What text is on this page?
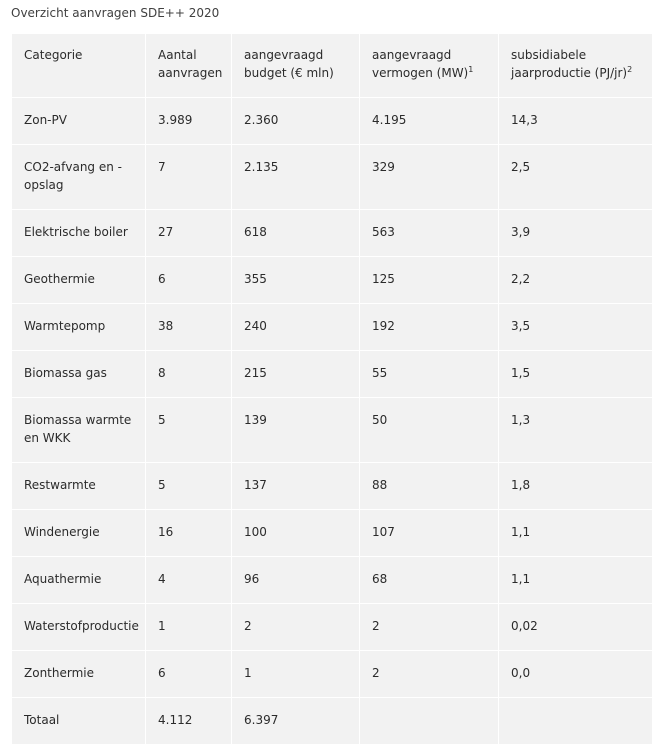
Overzicht aanvragen SDE++ 2020
Categorie	Aantal aanvragen	aangevraagd budget (€ mln)	aangevraagd vermogen (MW)$^1$	subsidiabele jaarproductie $(PJ/jr)^2$
Zon-PV	3.989	2.360	4.195	14,3
CO2-afvang en -opslag	7	2.135	329	2,5
Elektrische boiler	27	618	563	3,9
Geothermie	6	355	125	2,2
Warmtepomp	38	240	192	3,5
Biomassa gas	8	215	55	1,5
Biomassa warmte en WKK	5	139	50	1,3
Restwarmte	5	137	88	1,8
Windenergie	16	100	107	1,1
Aquathermie	4	96	68	1,1
Waterstofproductie	1	2	2	0,02
Zonthermie	6	1	2	0,0
Totaal	4.112	6.397		
